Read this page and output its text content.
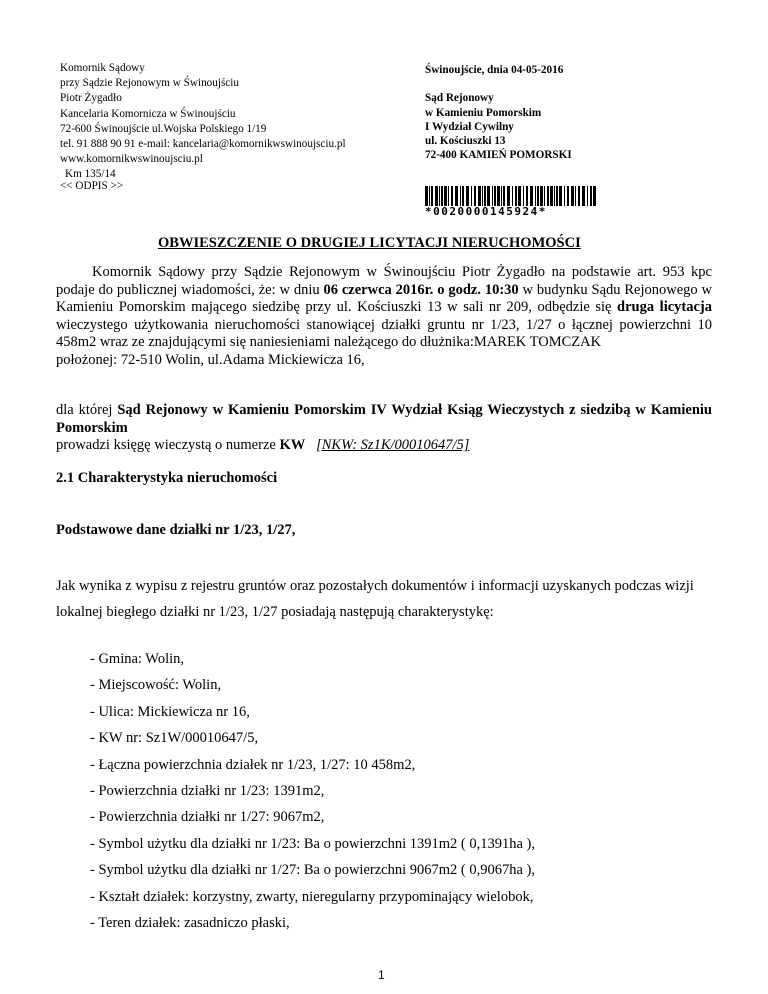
Komornik Sądowy
przy Sądzie Rejonowym w Świnoujściu
Piotr Żygadło
Kancelaria Komornicza w Świnoujściu
72-600 Świnoujście ul.Wojska Polskiego 1/19
tel. 91 888 90 91 e-mail: kancelaria@komornikwswinoujsciu.pl
www.komornikwswinoujsciu.pl
Km 135/14
Świnoujście, dnia 04-05-2016
Sąd Rejonowy
w Kamieniu Pomorskim
I Wydział Cywilny
ul. Kościuszki 13
72-400 KAMIEŃ POMORSKI
<< ODPIS >>
*0020000145924*
OBWIESZCZENIE O DRUGIEJ LICYTACJI NIERUCHOMOŚCI
Komornik Sądowy przy Sądzie Rejonowym w Świnoujściu Piotr Żygadło na podstawie art. 953 kpc podaje do publicznej wiadomości, że: w dniu 06 czerwca 2016r. o godz. 10:30 w budynku Sądu Rejonowego w Kamieniu Pomorskim mającego siedzibę przy ul. Kościuszki 13 w sali nr 209, odbędzie się druga licytacja wieczystego użytkowania nieruchomości stanowiącej działki gruntu nr 1/23, 1/27 o łącznej powierzchni 10 458m2 wraz ze znajdującymi się naniesieniami należącego do dłużnika:MAREK TOMCZAK
położonej: 72-510 Wolin, ul.Adama Mickiewicza 16,
dla której Sąd Rejonowy w Kamieniu Pomorskim IV Wydział Ksiąg Wieczystych z siedzibą w Kamieniu Pomorskim
prowadzi księgę wieczystą o numerze KW [NKW: Sz1K/00010647/5]
2.1 Charakterystyka nieruchomości
Podstawowe dane działki nr 1/23, 1/27,
Jak wynika z wypisu z rejestru gruntów oraz pozostałych dokumentów i informacji uzyskanych podczas wizji lokalnej biegłego działki nr 1/23, 1/27 posiadają następują charakterystykę:
- Gmina: Wolin,
- Miejscowość: Wolin,
- Ulica: Mickiewicza nr 16,
- KW nr: Sz1W/00010647/5,
- Łączna powierzchnia działek nr 1/23, 1/27: 10 458m2,
- Powierzchnia działki nr 1/23: 1391m2,
- Powierzchnia działki nr 1/27: 9067m2,
- Symbol użytku dla działki nr 1/23: Ba o powierzchni 1391m2 ( 0,1391ha ),
- Symbol użytku dla działki nr 1/27: Ba o powierzchni 9067m2 ( 0,9067ha ),
- Kształt działek: korzystny, zwarty, nieregularny przypominający wielobok,
- Teren działek: zasadniczo płaski,
1
